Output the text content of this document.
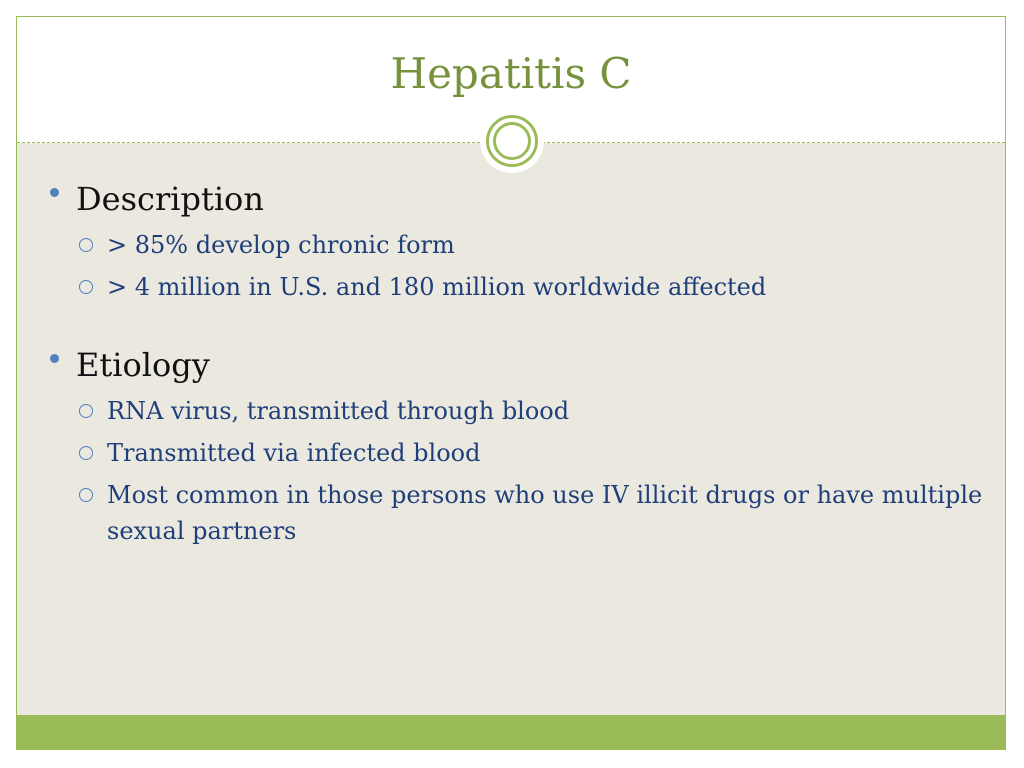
Hepatitis C
Description
> 85% develop chronic form
> 4 million in U.S. and 180 million worldwide affected
Etiology
RNA virus, transmitted through blood
Transmitted via infected blood
Most common in those persons who use IV illicit drugs or have multiple sexual partners
